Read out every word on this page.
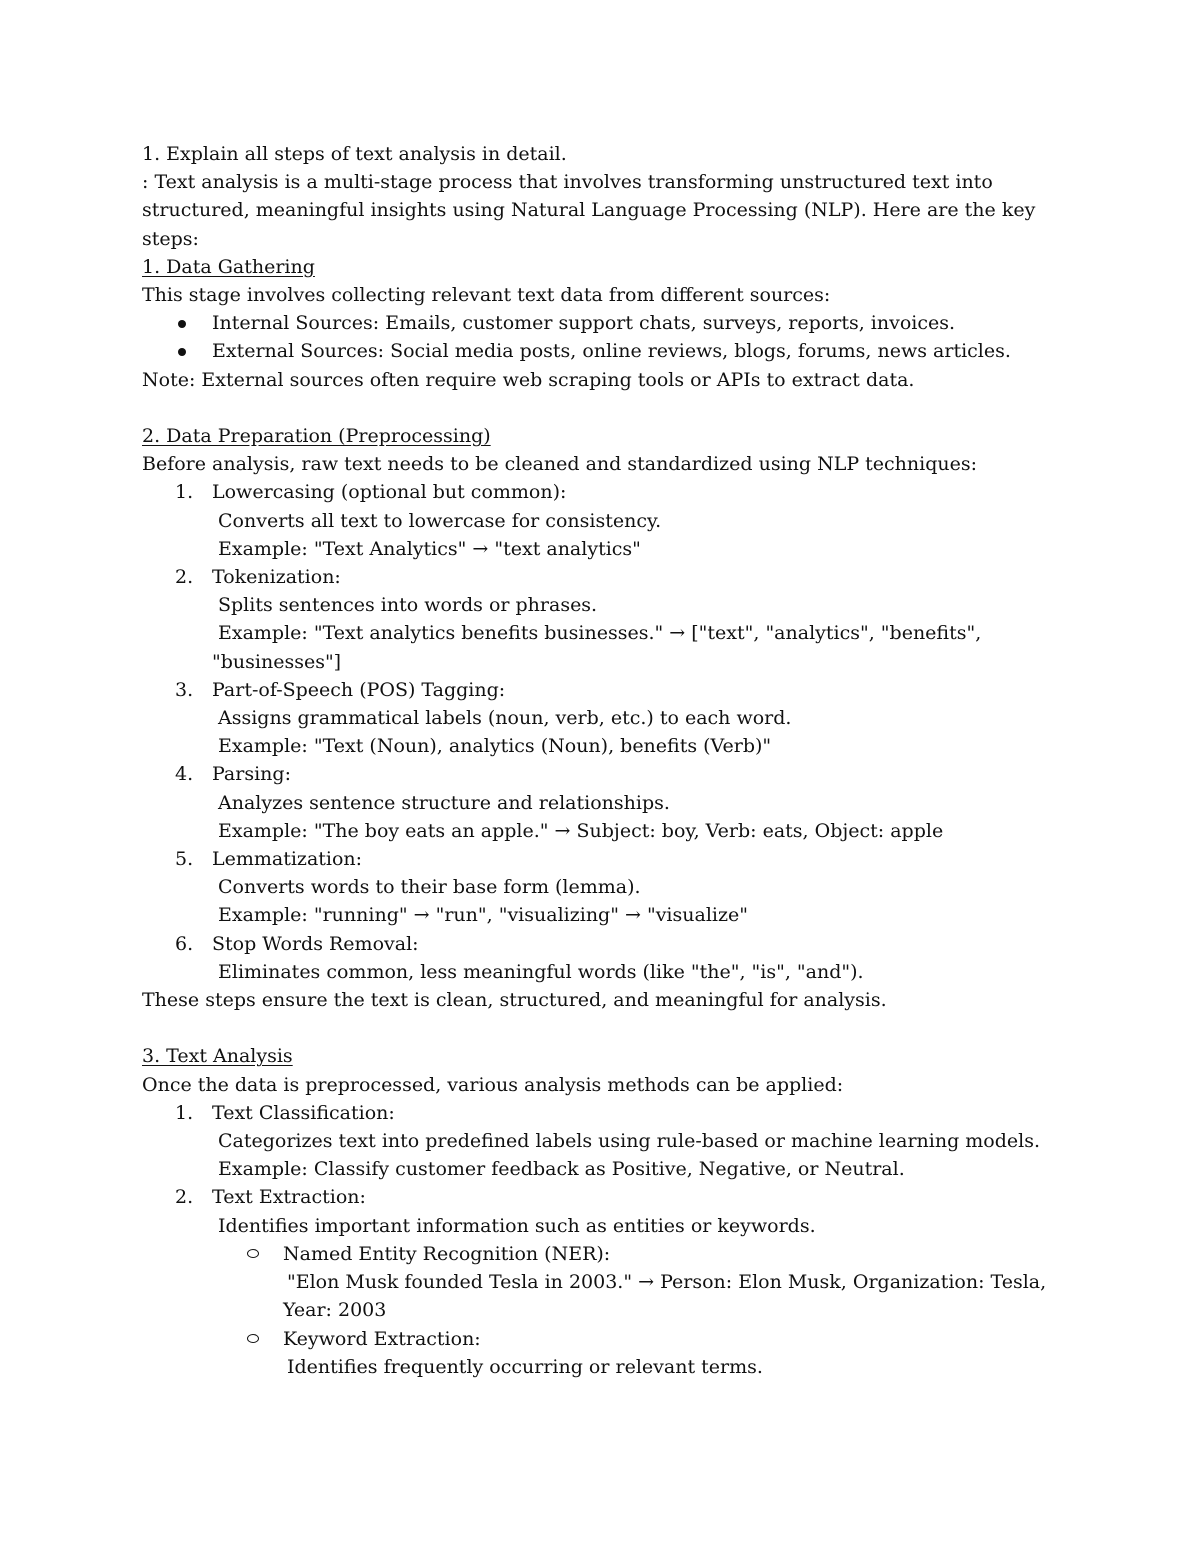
1. Explain all steps of text analysis in detail.
: Text analysis is a multi-stage process that involves transforming unstructured text into
structured, meaningful insights using Natural Language Processing (NLP). Here are the key
steps:
1. Data Gathering
This stage involves collecting relevant text data from different sources:
Internal Sources: Emails, customer support chats, surveys, reports, invoices.
External Sources: Social media posts, online reviews, blogs, forums, news articles.
Note: External sources often require web scraping tools or APIs to extract data.
2. Data Preparation (Preprocessing)
Before analysis, raw text needs to be cleaned and standardized using NLP techniques:
1. Lowercasing (optional but common):
Converts all text to lowercase for consistency.
Example: "Text Analytics" → "text analytics"
2. Tokenization:
Splits sentences into words or phrases.
Example: "Text analytics benefits businesses." → ["text", "analytics", "benefits",
"businesses"]
3. Part-of-Speech (POS) Tagging:
Assigns grammatical labels (noun, verb, etc.) to each word.
Example: "Text (Noun), analytics (Noun), benefits (Verb)"
4. Parsing:
Analyzes sentence structure and relationships.
Example: "The boy eats an apple." → Subject: boy, Verb: eats, Object: apple
5. Lemmatization:
Converts words to their base form (lemma).
Example: "running" → "run", "visualizing" → "visualize"
6. Stop Words Removal:
Eliminates common, less meaningful words (like "the", "is", "and").
These steps ensure the text is clean, structured, and meaningful for analysis.
3. Text Analysis
Once the data is preprocessed, various analysis methods can be applied:
1. Text Classification:
Categorizes text into predefined labels using rule-based or machine learning models.
Example: Classify customer feedback as Positive, Negative, or Neutral.
2. Text Extraction:
Identifies important information such as entities or keywords.
Named Entity Recognition (NER):
"Elon Musk founded Tesla in 2003." → Person: Elon Musk, Organization: Tesla,
Year: 2003
Keyword Extraction:
Identifies frequently occurring or relevant terms.
